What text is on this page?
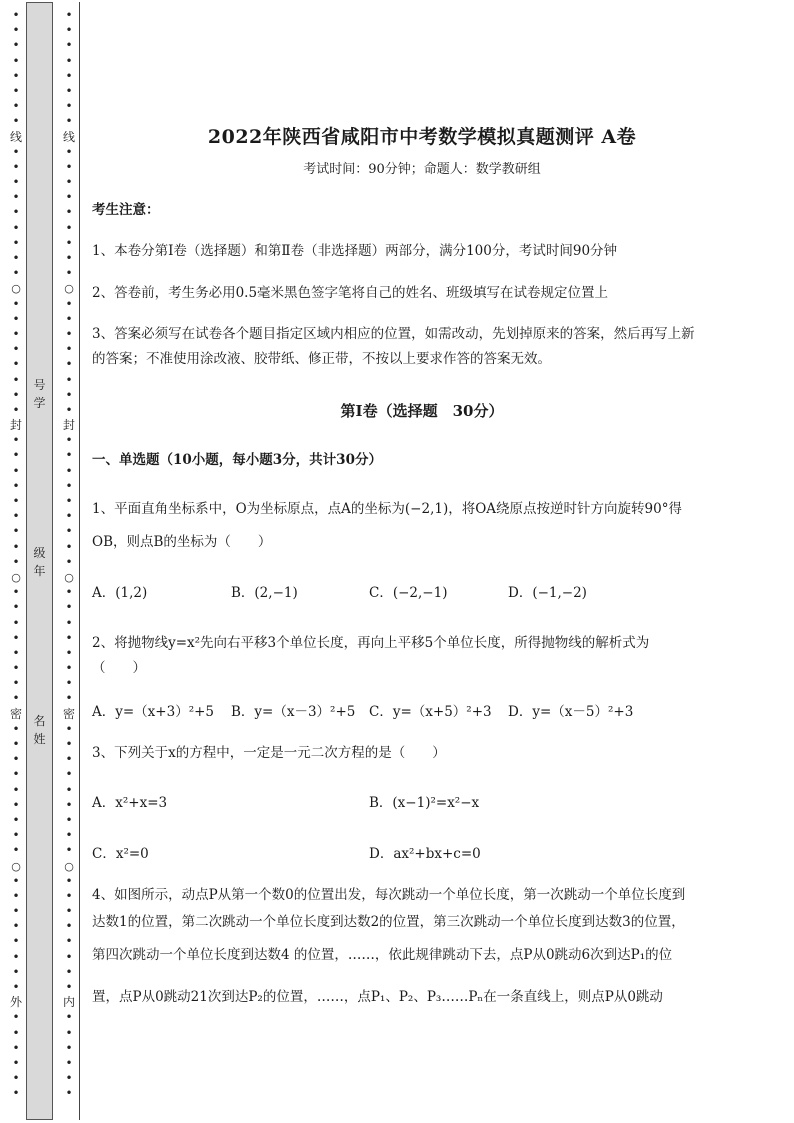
•
•
•
•
•
•
•
•
线
•
•
•
•
•
•
•
•
•
○
•
•
•
•
•
•
•
•
封
•
•
•
•
•
•
•
•
•
○
•
•
•
•
•
•
•
•
密
•
•
•
•
•
•
•
•
•
○
•
•
•
•
•
•
•
•
外
•
•
•
•
•
•
•
•
•
•
•
•
•
•
线
•
•
•
•
•
•
•
•
•
○
•
•
•
•
•
•
•
•
封
•
•
•
•
•
•
•
•
•
○
•
•
•
•
•
•
•
•
密
•
•
•
•
•
•
•
•
•
○
•
•
•
•
•
•
•
•
内
•
•
•
•
•
•
号
学
级
年
名
姓
2022年陕西省咸阳市中考数学模拟真题测评 A卷
考试时间：90分钟；命题人：数学教研组
考生注意：
1、本卷分第Ⅰ卷（选择题）和第Ⅱ卷（非选择题）两部分，满分100分，考试时间90分钟
2、答卷前，考生务必用0.5毫米黑色签字笔将自己的姓名、班级填写在试卷规定位置上
3、答案必须写在试卷各个题目指定区域内相应的位置，如需改动，先划掉原来的答案，然后再写上新
的答案；不准使用涂改液、胶带纸、修正带，不按以上要求作答的答案无效。
第Ⅰ卷（选择题　30分）
一、单选题（10小题，每小题3分，共计30分）
1、平面直角坐标系中，O为坐标原点，点A的坐标为(−2,1)，将OA绕原点按逆时针方向旋转90°得
OB，则点B的坐标为（　　）
A．(1,2)	B．(2,−1)	C．(−2,−1)	D．(−1,−2)
2、将抛物线y=x²先向右平移3个单位长度，再向上平移5个单位长度，所得抛物线的解析式为
（　　）
A．y=（x+3）²+5 B．y=（x－3）²+5 C．y=（x+5）²+3 D．y=（x－5）²+3
3、下列关于x的方程中，一定是一元二次方程的是（　　）
A．x²+x=3	B．(x−1)²=x²−x
C．x²=0	D．ax²+bx+c=0
4、如图所示，动点P从第一个数0的位置出发，每次跳动一个单位长度，第一次跳动一个单位长度到
达数1的位置，第二次跳动一个单位长度到达数2的位置，第三次跳动一个单位长度到达数3的位置，
第四次跳动一个单位长度到达数4 的位置，……，依此规律跳动下去，点P从0跳动6次到达P₁的位
置，点P从0跳动21次到达P₂的位置，……，点P₁、P₂、P₃……Pₙ在一条直线上，则点P从0跳动
